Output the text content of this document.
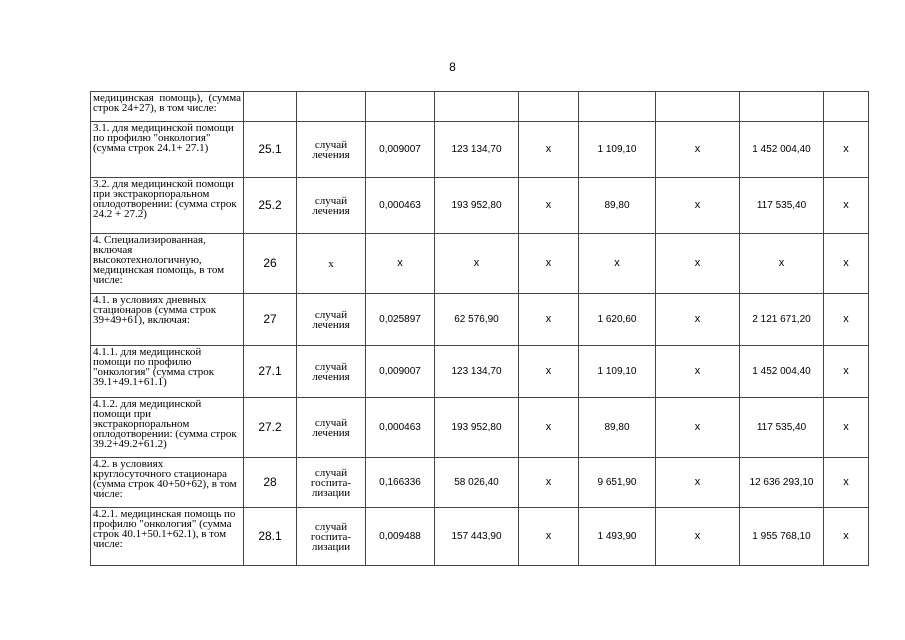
8
медицинская помощь), (сумма строк 24+27), в том числе:									
3.1. для медицинской помощи по профилю "онкология" (сумма строк 24.1+ 27.1)	25.1	случай лечения	0,009007	123 134,70	x	1 109,10	x	1 452 004,40	x
3.2. для медицинской помощи при экстракорпоральном оплодотворении: (сумма строк 24.2 + 27.2)	25.2	случай лечения	0,000463	193 952,80	x	89,80	x	117 535,40	x
4. Специализированная, включая высокотехнологичную, медицинская помощь, в том числе:	26	x	x	x	x	x	x	x	x
4.1. в условиях дневных стационаров (сумма строк 39+49+61), включая:	27	случай лечения	0,025897	62 576,90	x	1 620,60	x	2 121 671,20	x
4.1.1. для медицинской помощи по профилю "онкология" (сумма строк 39.1+49.1+61.1)	27.1	случай лечения	0,009007	123 134,70	x	1 109,10	x	1 452 004,40	x
4.1.2. для медицинской помощи при экстракорпоральном оплодотворении: (сумма строк 39.2+49.2+61.2)	27.2	случай лечения	0,000463	193 952,80	x	89,80	x	117 535,40	x
4.2. в условиях круглосуточного стационара (сумма строк 40+50+62), в том числе:	28	случай госпита-лизации	0,166336	58 026,40	x	9 651,90	x	12 636 293,10	x
4.2.1. медицинская помощь по профилю "онкология" (сумма строк 40.1+50.1+62.1), в том числе:	28.1	случай госпита-лизации	0,009488	157 443,90	x	1 493,90	x	1 955 768,10	x
